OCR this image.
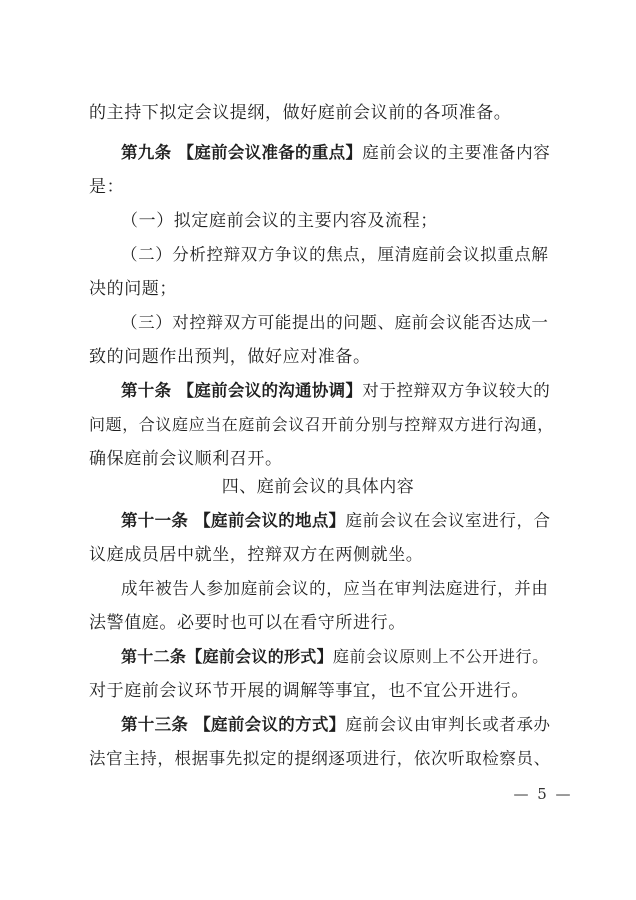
的主持下拟定会议提纲，做好庭前会议前的各项准备。
第九条 【庭前会议准备的重点】庭前会议的主要准备内容
是：
（一）拟定庭前会议的主要内容及流程；
（二）分析控辩双方争议的焦点，厘清庭前会议拟重点解
决的问题；
（三）对控辩双方可能提出的问题、庭前会议能否达成一
致的问题作出预判，做好应对准备。
第十条 【庭前会议的沟通协调】对于控辩双方争议较大的
问题，合议庭应当在庭前会议召开前分别与控辩双方进行沟通，
确保庭前会议顺利召开。
四、庭前会议的具体内容
第十一条 【庭前会议的地点】庭前会议在会议室进行，合
议庭成员居中就坐，控辩双方在两侧就坐。
成年被告人参加庭前会议的，应当在审判法庭进行，并由
法警值庭。必要时也可以在看守所进行。
第十二条【庭前会议的形式】庭前会议原则上不公开进行。
对于庭前会议环节开展的调解等事宜，也不宜公开进行。
第十三条 【庭前会议的方式】庭前会议由审判长或者承办
法官主持，根据事先拟定的提纲逐项进行，依次听取检察员、
— 5 —
